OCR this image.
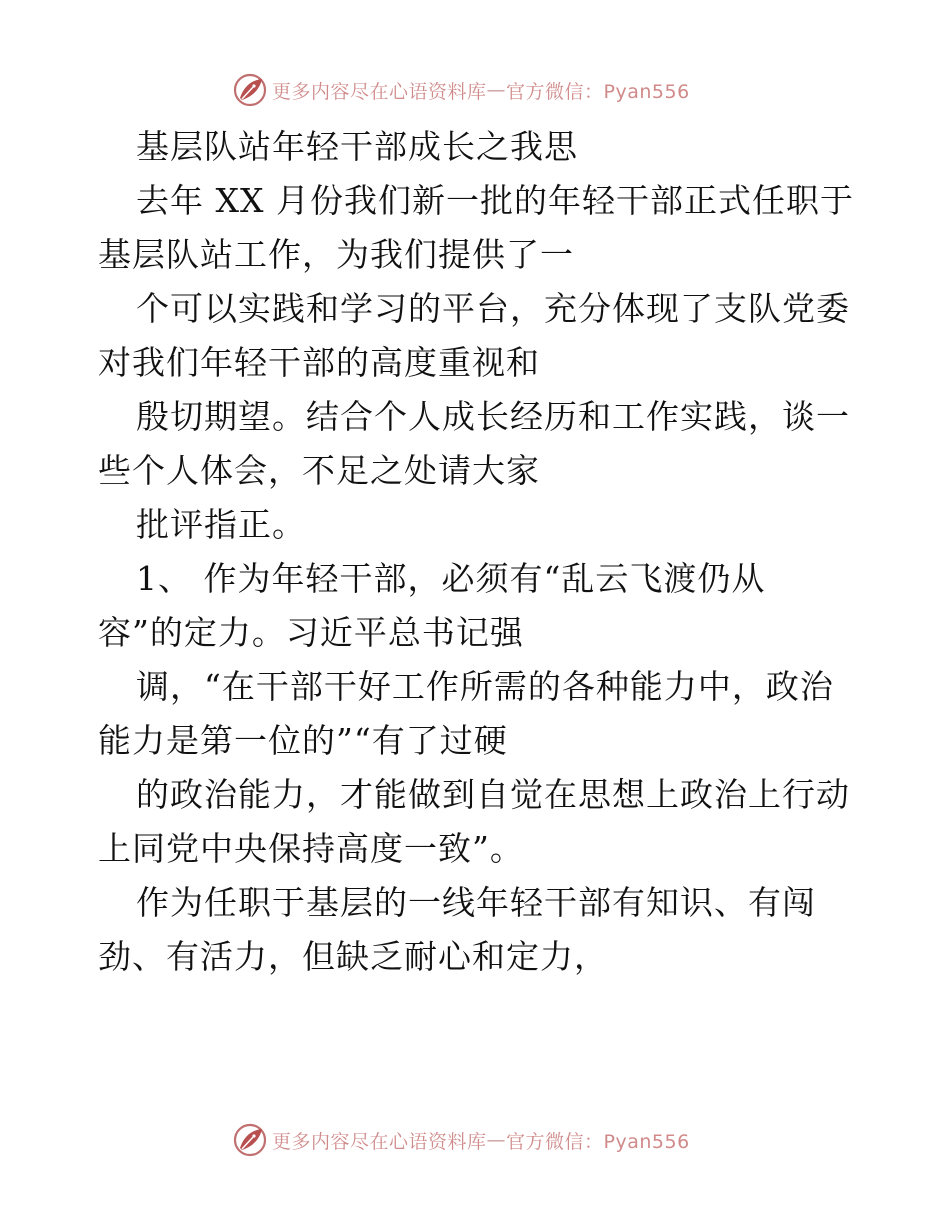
更多内容尽在心语资料库 — 官方微信：Pyan556
基层队站年轻干部成长之我思
去年 XX 月份我们新一批的年轻干部正式任职于
基层队站工作，为我们提供了一
个可以实践和学习的平台，充分体现了支队党委
对我们年轻干部的高度重视和
殷切期望。结合个人成长经历和工作实践，谈一
些个人体会，不足之处请大家
批评指正。
1、 作为年轻干部，必须有“乱云飞渡仍从
容”的定力。习近平总书记强
调，“在干部干好工作所需的各种能力中，政治
能力是第一位的”“有了过硬
的政治能力，才能做到自觉在思想上政治上行动
上同党中央保持高度一致”。
作为任职于基层的一线年轻干部有知识、有闯
劲、有活力，但缺乏耐心和定力，
更多内容尽在心语资料库 — 官方微信：Pyan556
